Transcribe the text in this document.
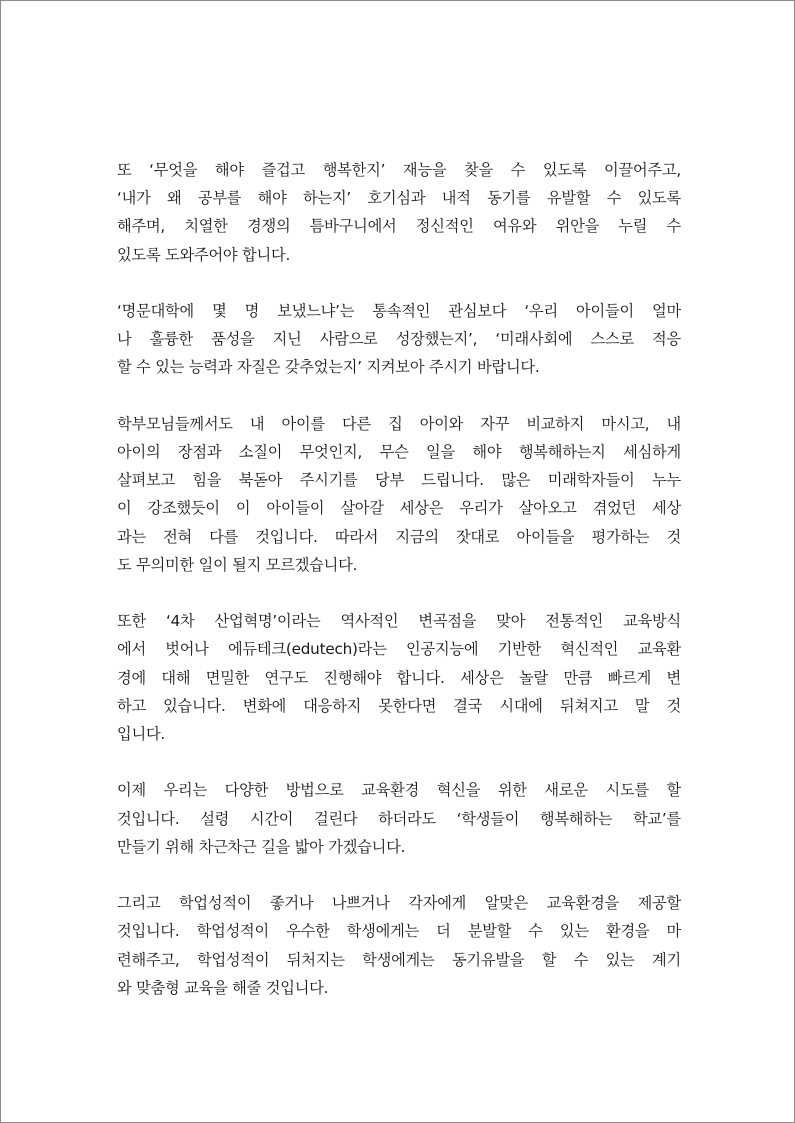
또 ‘무엇을 해야 즐겁고 행복한지’ 재능을 찾을 수 있도록 이끌어주고,
‘내가 왜 공부를 해야 하는지’ 호기심과 내적 동기를 유발할 수 있도록
해주며, 치열한 경쟁의 틈바구니에서 정신적인 여유와 위안을 누릴 수
있도록 도와주어야 합니다.
‘명문대학에 몇 명 보냈느냐’는 통속적인 관심보다 ‘우리 아이들이 얼마
나 훌륭한 품성을 지닌 사람으로 성장했는지’, ‘미래사회에 스스로 적응
할 수 있는 능력과 자질은 갖추었는지’ 지켜보아 주시기 바랍니다.
학부모님들께서도 내 아이를 다른 집 아이와 자꾸 비교하지 마시고, 내
아이의 장점과 소질이 무엇인지, 무슨 일을 해야 행복해하는지 세심하게
살펴보고 힘을 북돋아 주시기를 당부 드립니다. 많은 미래학자들이 누누
이 강조했듯이 이 아이들이 살아갈 세상은 우리가 살아오고 겪었던 세상
과는 전혀 다를 것입니다. 따라서 지금의 잣대로 아이들을 평가하는 것
도 무의미한 일이 될지 모르겠습니다.
또한 ‘4차 산업혁명’이라는 역사적인 변곡점을 맞아 전통적인 교육방식
에서 벗어나 에듀테크(edutech)라는 인공지능에 기반한 혁신적인 교육환
경에 대해 면밀한 연구도 진행해야 합니다. 세상은 놀랄 만큼 빠르게 변
하고 있습니다. 변화에 대응하지 못한다면 결국 시대에 뒤쳐지고 말 것
입니다.
이제 우리는 다양한 방법으로 교육환경 혁신을 위한 새로운 시도를 할
것입니다. 설령 시간이 걸린다 하더라도 ‘학생들이 행복해하는 학교’를
만들기 위해 차근차근 길을 밟아 가겠습니다.
그리고 학업성적이 좋거나 나쁘거나 각자에게 알맞은 교육환경을 제공할
것입니다. 학업성적이 우수한 학생에게는 더 분발할 수 있는 환경을 마
련해주고, 학업성적이 뒤처지는 학생에게는 동기유발을 할 수 있는 계기
와 맞춤형 교육을 해줄 것입니다.
